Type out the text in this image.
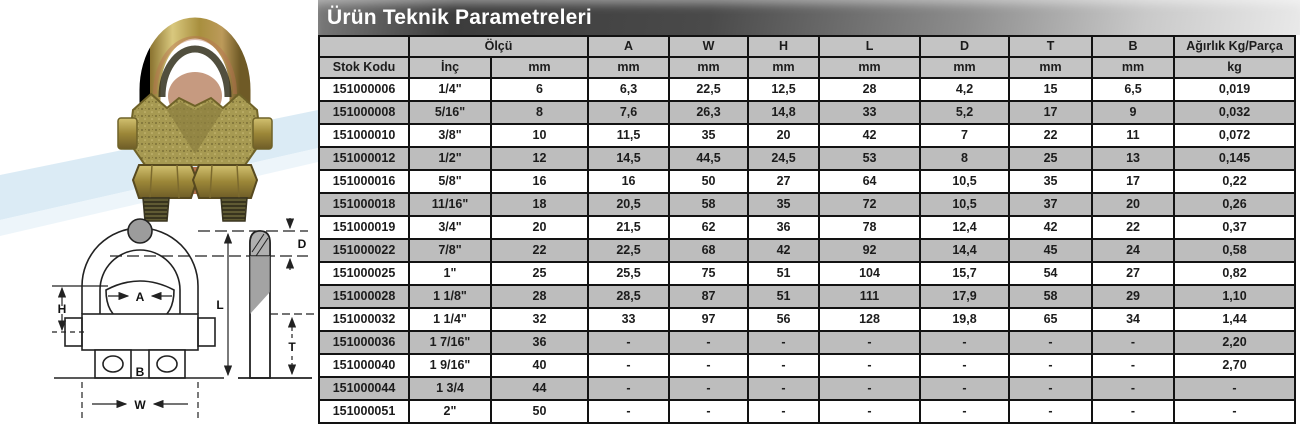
A
H
B
W
L
D
T
Ürün Teknik Parametreleri
	Ölçü		A	W	H	L	D	T	B	Ağırlık Kg/Parça
Stok Kodu	İnç	mm	mm	mm	mm	mm	mm	mm	mm	kg
151000006	1/4"	6	6,3	22,5	12,5	28	4,2	15	6,5	0,019
151000008	5/16"	8	7,6	26,3	14,8	33	5,2	17	9	0,032
151000010	3/8"	10	11,5	35	20	42	7	22	11	0,072
151000012	1/2"	12	14,5	44,5	24,5	53	8	25	13	0,145
151000016	5/8"	16	16	50	27	64	10,5	35	17	0,22
151000018	11/16"	18	20,5	58	35	72	10,5	37	20	0,26
151000019	3/4"	20	21,5	62	36	78	12,4	42	22	0,37
151000022	7/8"	22	22,5	68	42	92	14,4	45	24	0,58
151000025	1"	25	25,5	75	51	104	15,7	54	27	0,82
151000028	1 1/8"	28	28,5	87	51	111	17,9	58	29	1,10
151000032	1 1/4"	32	33	97	56	128	19,8	65	34	1,44
151000036	1 7/16"	36	-	-	-	-	-	-	-	2,20
151000040	1 9/16"	40	-	-	-	-	-	-	-	2,70
151000044	1 3/4	44	-	-	-	-	-	-	-	-
151000051	2"	50	-	-	-	-	-	-	-	-
